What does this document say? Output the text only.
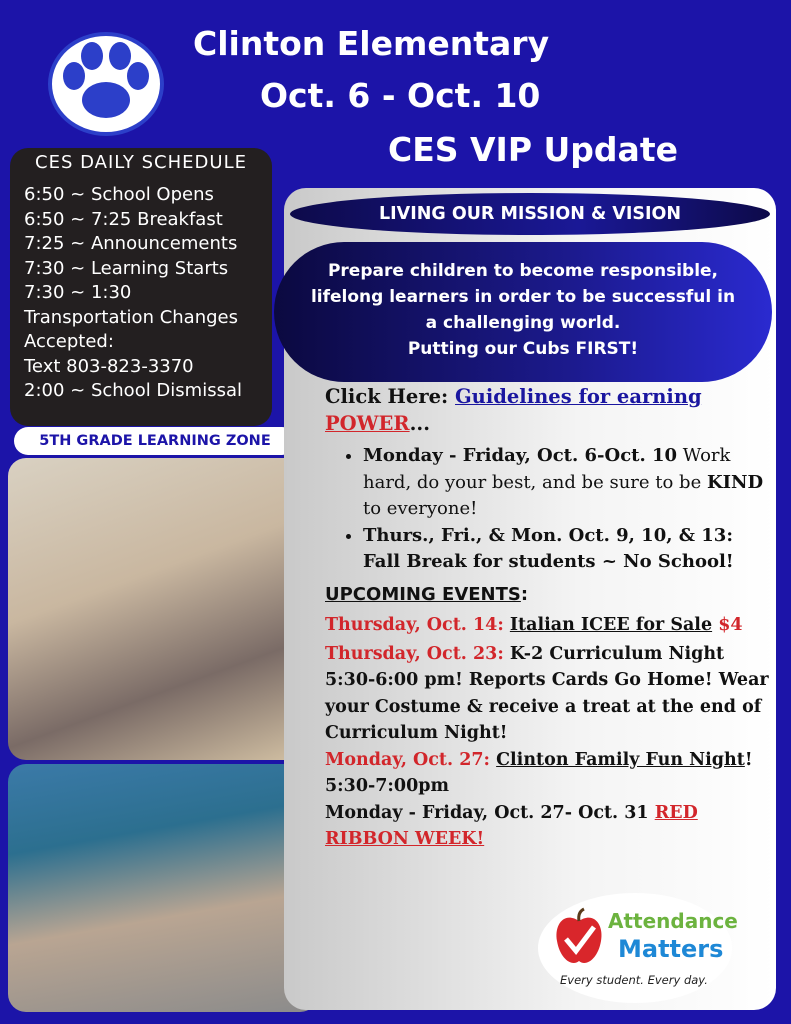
Clinton Elementary
Oct. 6 - Oct. 10
CES VIP Update
CES DAILY SCHEDULE
6:50 ~ School Opens
6:50 ~ 7:25 Breakfast
7:25 ~ Announcements
7:30 ~ Learning Starts
7:30 ~ 1:30
Transportation Changes
Accepted:
Text 803-823-3370
2:00 ~ School Dismissal
5TH GRADE LEARNING ZONE
LIVING OUR MISSION & VISION
Prepare children to become responsible,
lifelong learners in order to be successful in
a challenging world.
Putting our Cubs FIRST!
Click Here: Guidelines for earning POWER...
• Monday - Friday, Oct. 6-Oct. 10 Work hard, do your best, and be sure to be KIND to everyone!
• Thurs., Fri., & Mon. Oct. 9, 10, & 13: Fall Break for students ~ No School!
UPCOMING EVENTS:
Thursday, Oct. 14: Italian ICEE for Sale $4
Thursday, Oct. 23: K-2 Curriculum Night 5:30-6:00 pm! Reports Cards Go Home! Wear your Costume & receive a treat at the end of Curriculum Night!
Monday, Oct. 27: Clinton Family Fun Night! 5:30-7:00pm
Monday - Friday, Oct. 27- Oct. 31 RED RIBBON WEEK!
Attendance
Matters
Every student. Every day.
